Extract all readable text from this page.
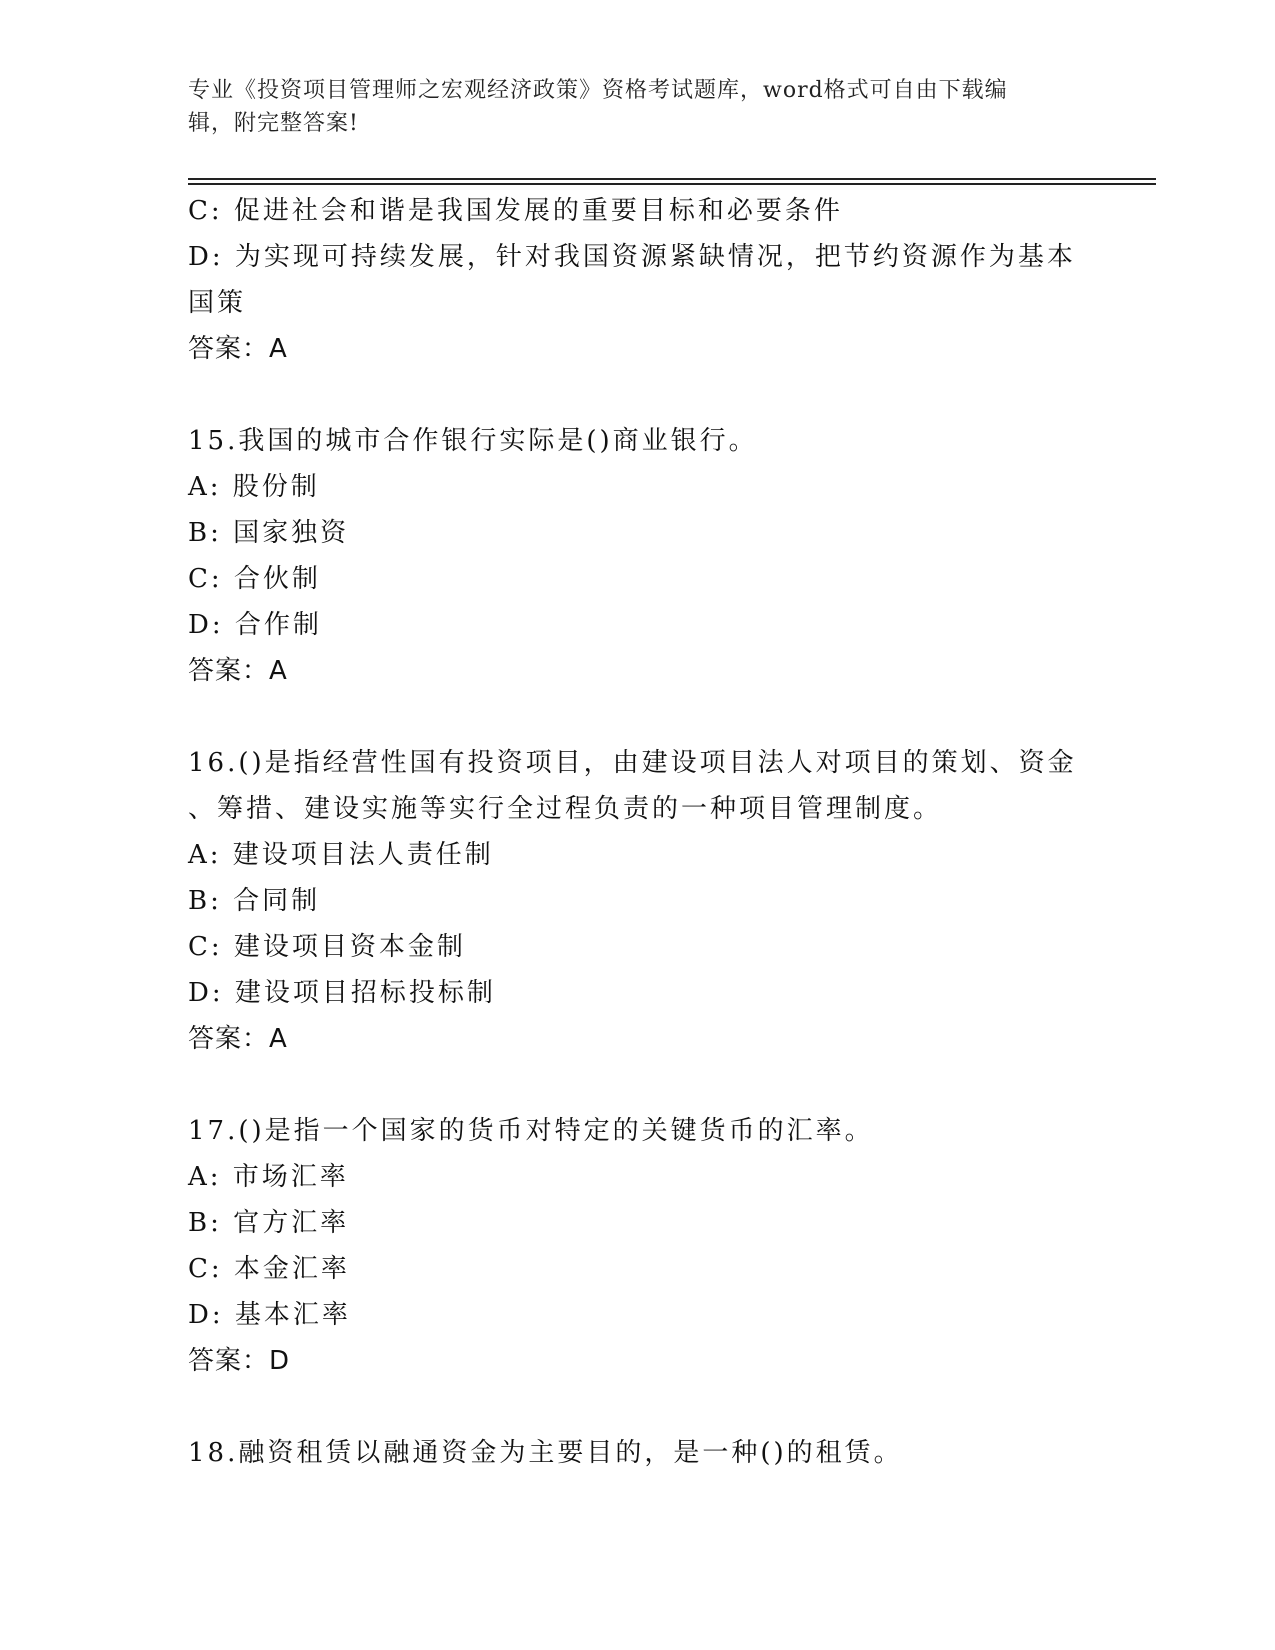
专业《投资项目管理师之宏观经济政策》资格考试题库，word格式可自由下载编
辑，附完整答案!
C: 促进社会和谐是我国发展的重要目标和必要条件
D: 为实现可持续发展，针对我国资源紧缺情况，把节约资源作为基本
国策
答案：A
15.我国的城市合作银行实际是()商业银行。
A: 股份制
B: 国家独资
C: 合伙制
D: 合作制
答案：A
16.()是指经营性国有投资项目，由建设项目法人对项目的策划、资金
、筹措、建设实施等实行全过程负责的一种项目管理制度。
A: 建设项目法人责任制
B: 合同制
C: 建设项目资本金制
D: 建设项目招标投标制
答案：A
17.()是指一个国家的货币对特定的关键货币的汇率。
A: 市场汇率
B: 官方汇率
C: 本金汇率
D: 基本汇率
答案：D
18.融资租赁以融通资金为主要目的，是一种()的租赁。
